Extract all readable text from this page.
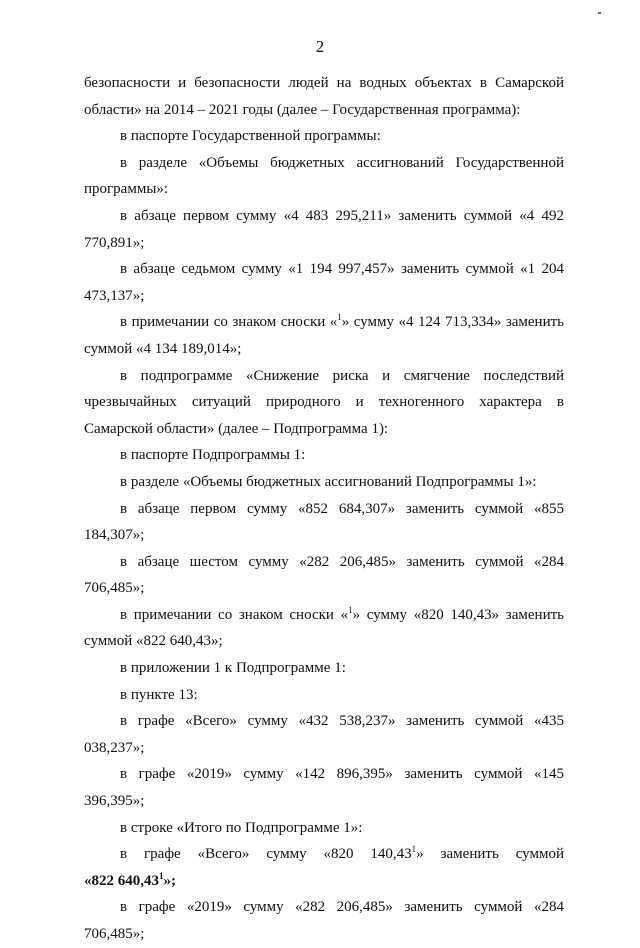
2

безопасности и безопасности людей на водных объектах в Самарской области» на 2014 – 2021 годы (далее – Государственная программа):

в паспорте Государственной программы:

в разделе «Объемы бюджетных ассигнований Государственной программы»:

в абзаце первом сумму «4 483 295,211» заменить суммой «4 492 770,891»;

в абзаце седьмом сумму «1 194 997,457» заменить суммой «1 204 473,137»;

в примечании со знаком сноски «$^1$» сумму «4 124 713,334» заменить суммой «4 134 189,014»;

в подпрограмме «Снижение риска и смягчение последствий чрезвычайных ситуаций природного и техногенного характера в Самарской области» (далее – Подпрограмма 1):

в паспорте Подпрограммы 1:

в разделе «Объемы бюджетных ассигнований Подпрограммы 1»:

в абзаце первом сумму «852 684,307» заменить суммой «855 184,307»;

в абзаце шестом сумму «282 206,485» заменить суммой «284 706,485»;

в примечании со знаком сноски «$^1$» сумму «820 140,43» заменить суммой «822 640,43»;

в приложении 1 к Подпрограмме 1:

в пункте 13:

в графе «Всего» сумму «432 538,237» заменить суммой «435 038,237»;

в графе «2019» сумму «142 896,395» заменить суммой «145 396,395»;

в строке «Итого по Подпрограмме 1»:

в графе «Всего» сумму «820 140,43$^1$» заменить суммой

«822 640,43$^1$»;

в графе «2019» сумму «282 206,485» заменить суммой «284 706,485»;
